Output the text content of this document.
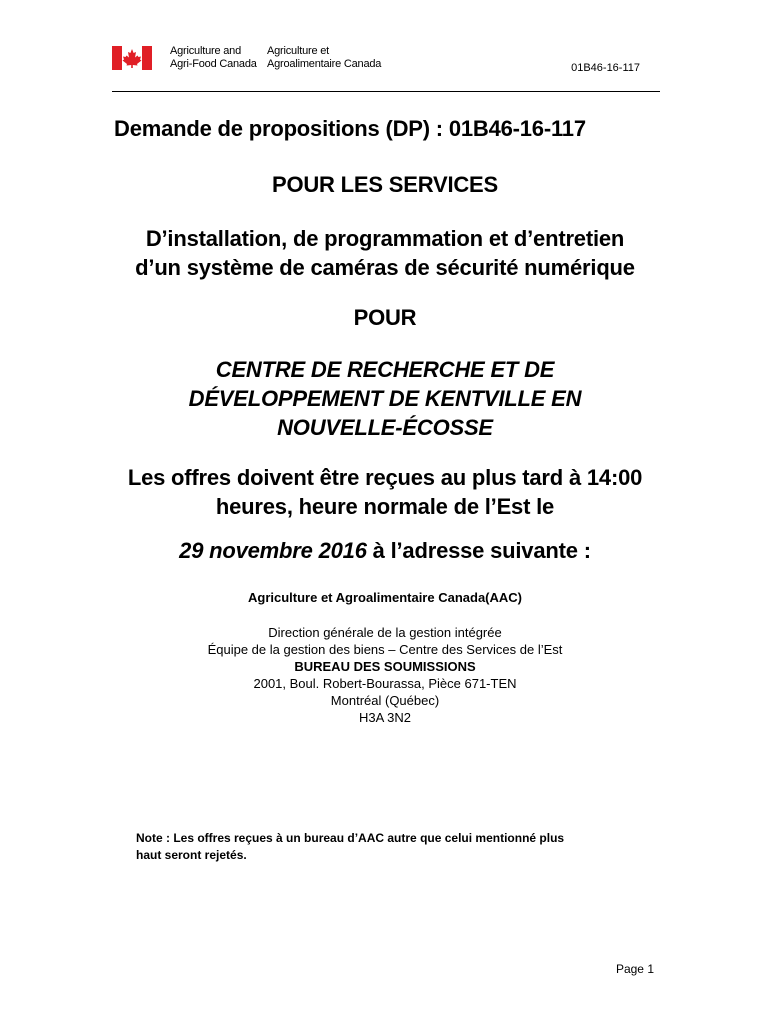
Agriculture and
Agri-Food Canada
Agriculture et
Agroalimentaire Canada	01B46-16-117
Demande de propositions (DP) : 01B46-16-117
POUR LES SERVICES
D’installation, de programmation et d’entretien
d’un système de caméras de sécurité numérique
POUR
CENTRE DE RECHERCHE ET DE
DÉVELOPPEMENT DE KENTVILLE EN
NOUVELLE-ÉCOSSE
Les offres doivent être reçues au plus tard à 14:00
heures, heure normale de l’Est le
29 novembre 2016 à l’adresse suivante :
Agriculture et Agroalimentaire Canada(AAC)
Direction générale de la gestion intégrée
Équipe de la gestion des biens – Centre des Services de l’Est
BUREAU DES SOUMISSIONS
2001, Boul. Robert-Bourassa, Pièce 671-TEN
Montréal (Québec)
H3A 3N2
Note : Les offres reçues à un bureau d’AAC autre que celui mentionné plus
haut seront rejetés.
Page 1
